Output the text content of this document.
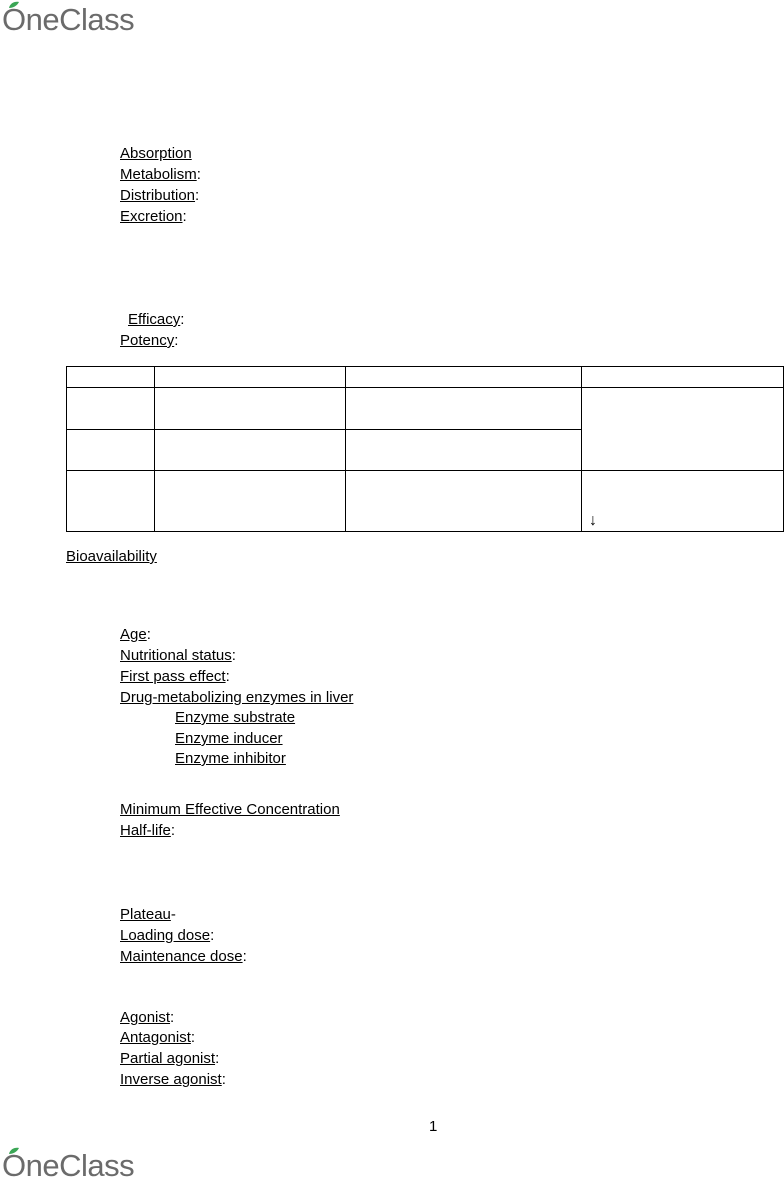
OneClass
Absorption
Metabolism:
Distribution:
Excretion:
Efficacy:
Potency:

↓
Bioavailability
Age:
Nutritional status:
First pass effect:
Drug-metabolizing enzymes in liver
Enzyme substrate
Enzyme inducer
Enzyme inhibitor
Minimum Effective Concentration
Half-life:
Plateau-
Loading dose:
Maintenance dose:
Agonist:
Antagonist:
Partial agonist:
Inverse agonist:
1
OneClass
